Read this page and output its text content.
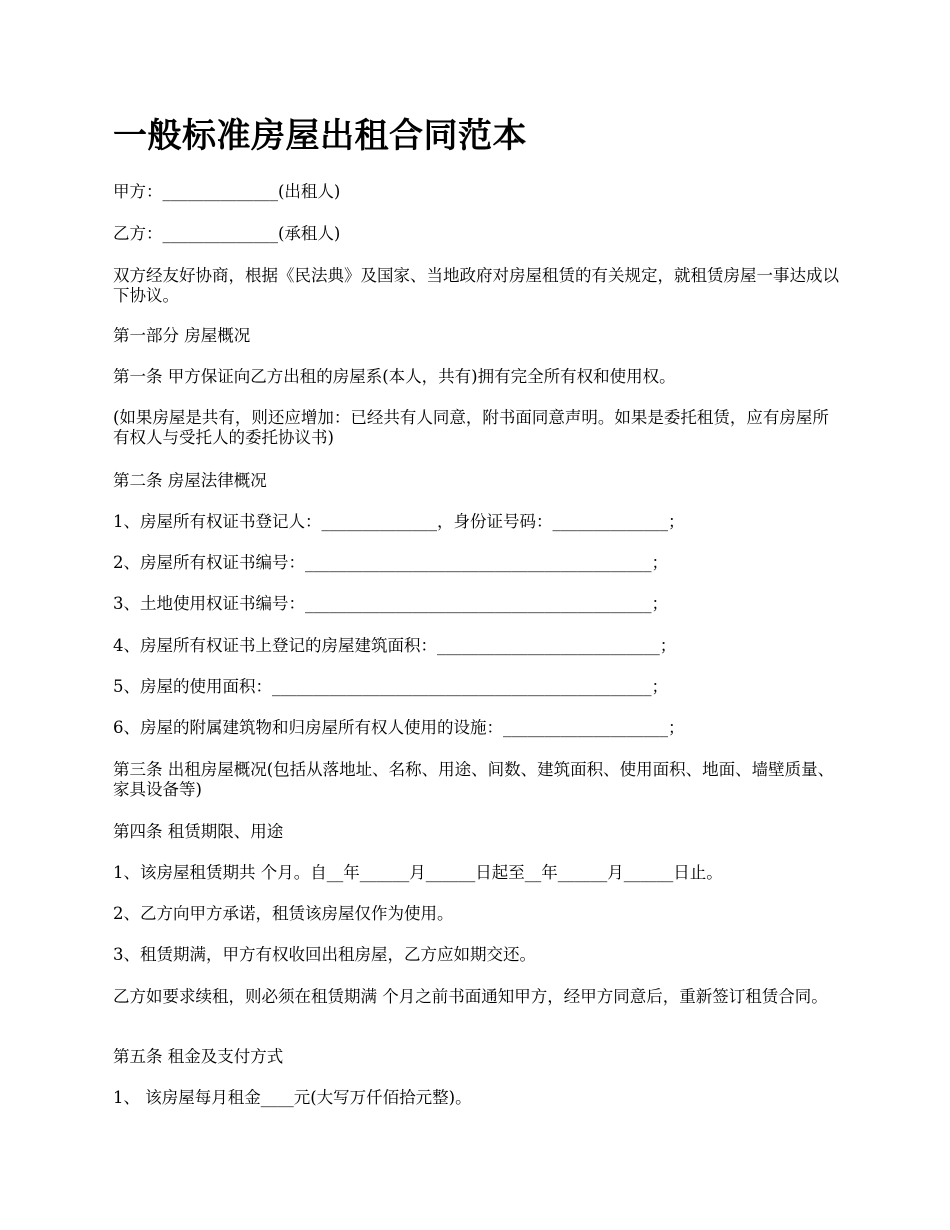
一般标准房屋出租合同范本

甲方：______________(出租人)

乙方：______________(承租人)

双方经友好协商，根据《民法典》及国家、当地政府对房屋租赁的有关规定，就租赁房屋一事达成以下协议。

第一部分 房屋概况

第一条 甲方保证向乙方出租的房屋系(本人，共有)拥有完全所有权和使用权。

(如果房屋是共有，则还应增加：已经共有人同意，附书面同意声明。如果是委托租赁，应有房屋所有权人与受托人的委托协议书)

第二条 房屋法律概况

1、房屋所有权证书登记人：______________，身份证号码：______________；

2、房屋所有权证书编号：__________________________________________；

3、土地使用权证书编号：__________________________________________；

4、房屋所有权证书上登记的房屋建筑面积：___________________________；

5、房屋的使用面积：______________________________________________；

6、房屋的附属建筑物和归房屋所有权人使用的设施：____________________；

第三条 出租房屋概况(包括从落地址、名称、用途、间数、建筑面积、使用面积、地面、墙壁质量、家具设备等)

第四条 租赁期限、用途

1、该房屋租赁期共 个月。自__年______月______日起至__年______月______日止。

2、乙方向甲方承诺，租赁该房屋仅作为使用。

3、租赁期满，甲方有权收回出租房屋，乙方应如期交还。

乙方如要求续租，则必须在租赁期满 个月之前书面通知甲方，经甲方同意后，重新签订租赁合同。

第五条 租金及支付方式

1、 该房屋每月租金____元(大写万仟佰拾元整)。
